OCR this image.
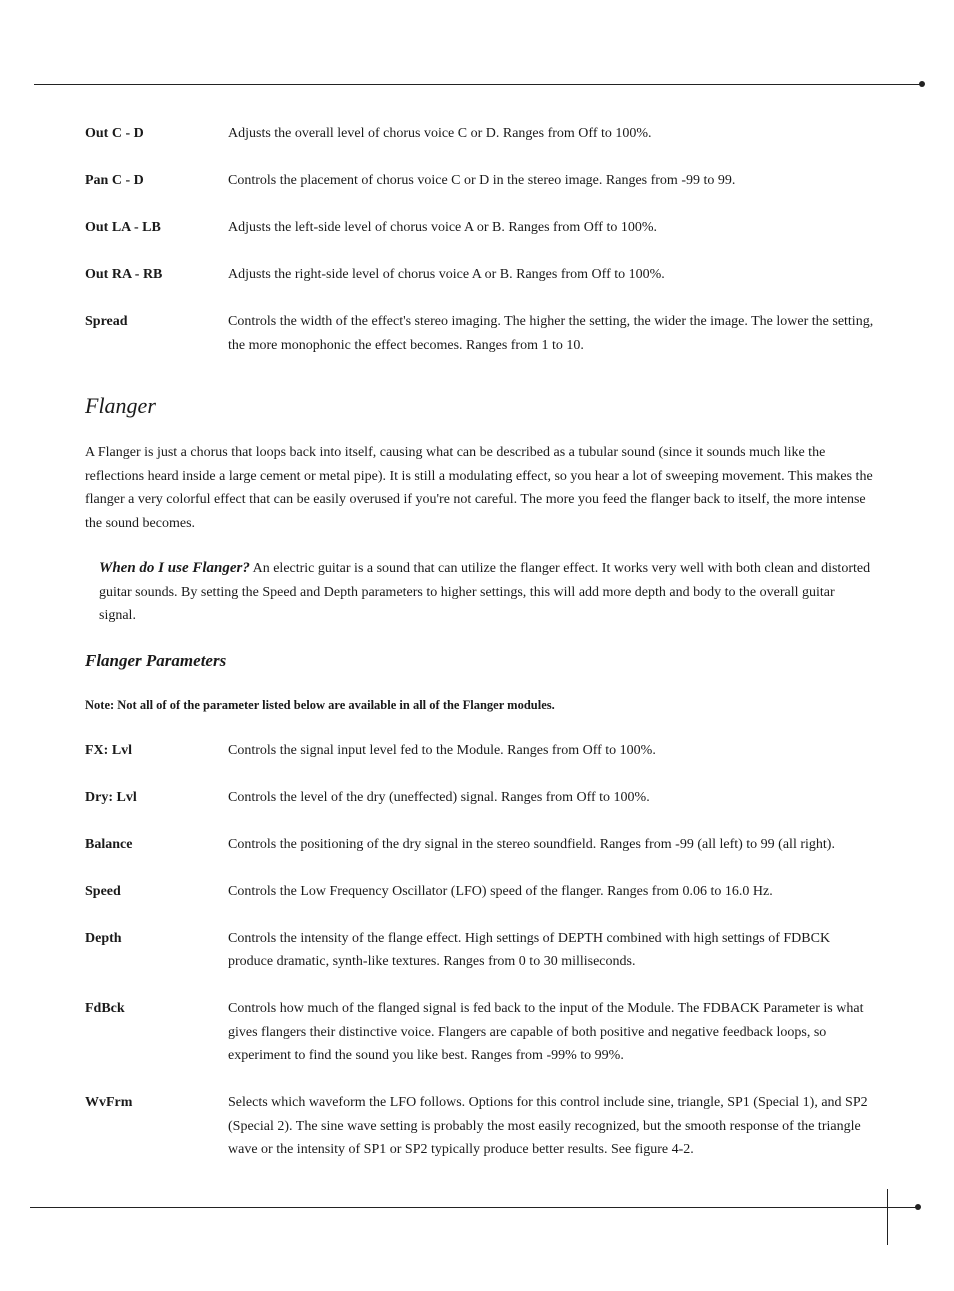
Out C - D	Adjusts the overall level of chorus voice C or D. Ranges from Off to 100%.
Pan C - D	Controls the placement of chorus voice C or D in the stereo image. Ranges from -99 to 99.
Out LA - LB	Adjusts the left-side level of chorus voice A or B. Ranges from Off to 100%.
Out RA - RB	Adjusts the right-side level of chorus voice A or B. Ranges from Off to 100%.
Spread	Controls the width of the effect's stereo imaging. The higher the setting, the wider the image. The lower the setting, the more monophonic the effect becomes. Ranges from 1 to 10.
Flanger

A Flanger is just a chorus that loops back into itself, causing what can be described as a tubular sound (since it sounds much like the reflections heard inside a large cement or metal pipe). It is still a modulating effect, so you hear a lot of sweeping movement. This makes the flanger a very colorful effect that can be easily overused if you're not careful. The more you feed the flanger back to itself, the more intense the sound becomes.

When do I use Flanger? An electric guitar is a sound that can utilize the flanger effect. It works very well with both clean and distorted guitar sounds. By setting the Speed and Depth parameters to higher settings, this will add more depth and body to the overall guitar signal.

Flanger Parameters

Note: Not all of of the parameter listed below are available in all of the Flanger modules.

FX: Lvl	Controls the signal input level fed to the Module. Ranges from Off to 100%.
Dry: Lvl	Controls the level of the dry (uneffected) signal. Ranges from Off to 100%.
Balance	Controls the positioning of the dry signal in the stereo soundfield. Ranges from -99 (all left) to 99 (all right).
Speed	Controls the Low Frequency Oscillator (LFO) speed of the flanger. Ranges from 0.06 to 16.0 Hz.
Depth	Controls the intensity of the flange effect. High settings of DEPTH combined with high settings of FDBCK produce dramatic, synth-like textures. Ranges from 0 to 30 milliseconds.
FdBck	Controls how much of the flanged signal is fed back to the input of the Module. The FDBACK Parameter is what gives flangers their distinctive voice. Flangers are capable of both positive and negative feedback loops, so experiment to find the sound you like best. Ranges from -99% to 99%.
WvFrm	Selects which waveform the LFO follows. Options for this control include sine, triangle, SP1 (Special 1), and SP2 (Special 2). The sine wave setting is probably the most easily recognized, but the smooth response of the triangle wave or the intensity of SP1 or SP2 typically produce better results. See figure 4-2.
